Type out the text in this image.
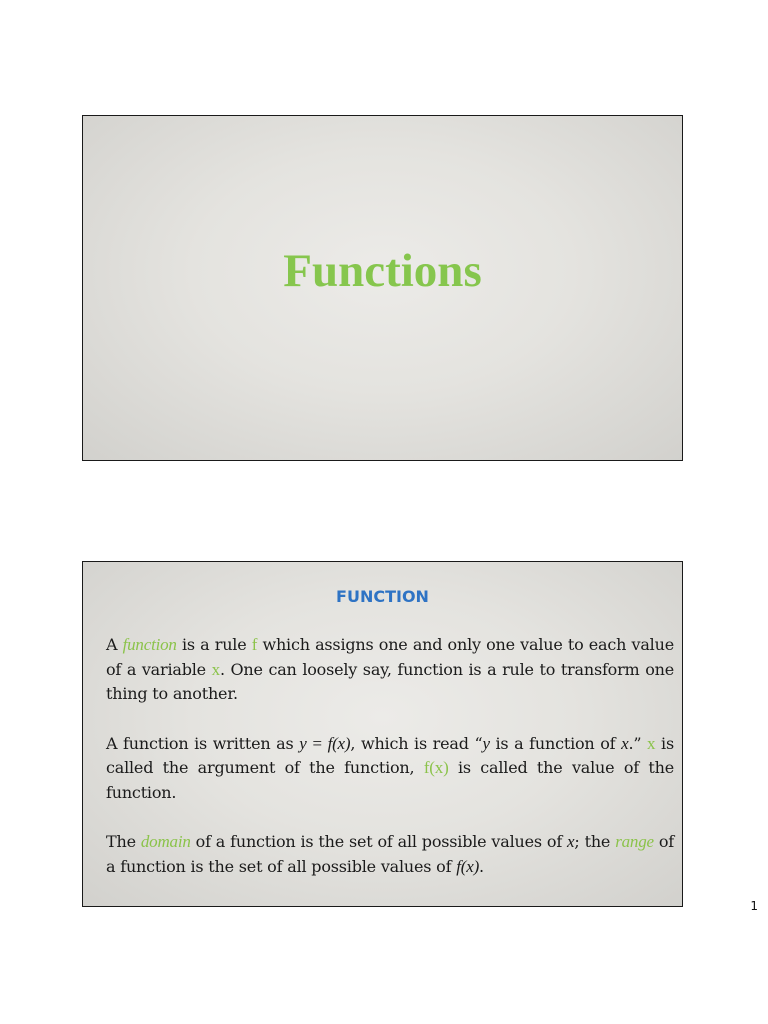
Functions
FUNCTION

A function is a rule f which assigns one and only one value to each value of a variable x. One can loosely say, function is a rule to transform one thing to another.

A function is written as y = f(x), which is read “y is a function of x.” x is called the argument of the function, f(x) is called the value of the function.

The domain of a function is the set of all possible values of x; the range of a function is the set of all possible values of f(x).

1
